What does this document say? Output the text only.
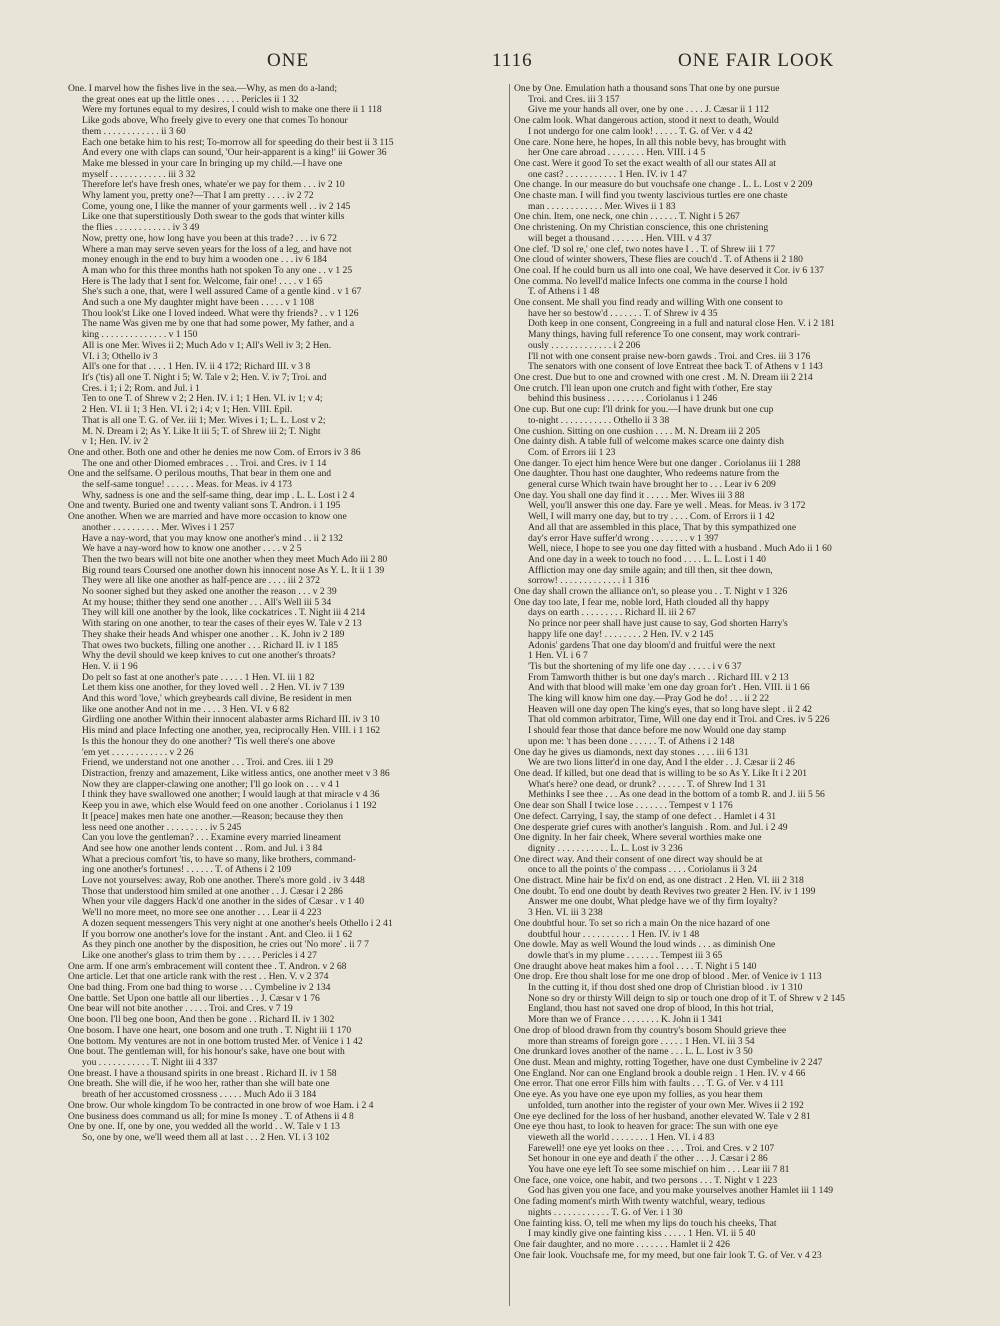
ONE	1116	ONE FAIR LOOK
One. I marvel how the fishes live in the sea.—Why, as men do a-land;
the great ones eat up the little ones . . . . . Pericles ii 1 32
Were my fortunes equal to my desires, I could wish to make one there ii 1 118
Like gods above, Who freely give to every one that comes To honour
them . . . . . . . . . . . . ii 3 60
Each one betake him to his rest; To-morrow all for speeding do their best ii 3 115
And every one with claps can sound, 'Our heir-apparent is a king!' iii Gower 36
Make me blessed in your care In bringing up my child.—I have one
myself . . . . . . . . . . . . iii 3 32
Therefore let's have fresh ones, whate'er we pay for them . . . iv 2 10
Why lament you, pretty one?—That I am pretty . . . . iv 2 72
Come, young one, I like the manner of your garments well . . iv 2 145
Like one that superstitiously Doth swear to the gods that winter kills
the flies . . . . . . . . . . . . iv 3 49
Now, pretty one, how long have you been at this trade? . . . iv 6 72
Where a man may serve seven years for the loss of a leg, and have not
money enough in the end to buy him a wooden one . . . iv 6 184
A man who for this three months hath not spoken To any one . . v 1 25
Here is The lady that I sent for. Welcome, fair one! . . . . v 1 65
She's such a one, that, were I well assured Came of a gentle kind . v 1 67
And such a one My daughter might have been . . . . . v 1 108
Thou look'st Like one I loved indeed. What were thy friends? . . v 1 126
The name Was given me by one that had some power, My father, and a
king . . . . . . . . . . . . . . v 1 150
All is one Mer. Wives ii 2; Much Ado v 1; All's Well iv 3; 2 Hen.
VI. i 3; Othello iv 3
All's one for that . . . . 1 Hen. IV. ii 4 172; Richard III. v 3 8
It's ('tis) all one T. Night i 5; W. Tale v 2; Hen. V. iv 7; Troi. and
Cres. i 1; i 2; Rom. and Jul. i 1
Ten to one T. of Shrew v 2; 2 Hen. IV. i 1; 1 Hen. VI. iv 1; v 4;
2 Hen. VI. ii 1; 3 Hen. VI. i 2; i 4; v 1; Hen. VIII. Epil.
That is all one T. G. of Ver. iii 1; Mer. Wives i 1; L. L. Lost v 2;
M. N. Dream i 2; As Y. Like It iii 5; T. of Shrew iii 2; T. Night
v 1; Hen. IV. iv 2
One and other. Both one and other he denies me now Com. of Errors iv 3 86
The one and other Diomed embraces . . . Troi. and Cres. iv 1 14
One and the selfsame. O perilous mouths, That bear in them one and
the self-same tongue! . . . . . . Meas. for Meas. iv 4 173
Why, sadness is one and the self-same thing, dear imp . L. L. Lost i 2 4
One and twenty. Buried one and twenty valiant sons T. Andron. i 1 195
One another. When we are married and have more occasion to know one
another . . . . . . . . . . Mer. Wives i 1 257
Have a nay-word, that you may know one another's mind . . ii 2 132
We have a nay-word how to know one another . . . . v 2 5
Then the two bears will not bite one another when they meet Much Ado iii 2 80
Big round tears Coursed one another down his innocent nose As Y. L. It ii 1 39
They were all like one another as half-pence are . . . . iii 2 372
No sooner sighed but they asked one another the reason . . . v 2 39
At my house; thither they send one another . . . All's Well iii 5 34
They will kill one another by the look, like cockatrices . T. Night iii 4 214
With staring on one another, to tear the cases of their eyes W. Tale v 2 13
They shake their heads And whisper one another . . K. John iv 2 189
That owes two buckets, filling one another . . . Richard II. iv 1 185
Why the devil should we keep knives to cut one another's throats?
Hen. V. ii 1 96
Do pelt so fast at one another's pate . . . . . 1 Hen. VI. iii 1 82
Let them kiss one another, for they loved well . . 2 Hen. VI. iv 7 139
And this word 'love,' which greybeards call divine, Be resident in men
like one another And not in me . . . . 3 Hen. VI. v 6 82
Girdling one another Within their innocent alabaster arms Richard III. iv 3 10
His mind and place Infecting one another, yea, reciprocally Hen. VIII. i 1 162
Is this the honour they do one another? 'Tis well there's one above
'em yet . . . . . . . . . . . . v 2 26
Friend, we understand not one another . . . Troi. and Cres. iii 1 29
Distraction, frenzy and amazement, Like witless antics, one another meet v 3 86
Now they are clapper-clawing one another; I'll go look on . . . v 4 1
I think they have swallowed one another; I would laugh at that miracle v 4 36
Keep you in awe, which else Would feed on one another . Coriolanus i 1 192
It [peace] makes men hate one another.—Reason; because they then
less need one another . . . . . . . . . iv 5 245
Can you love the gentleman? . . . Examine every married lineament
And see how one another lends content . . Rom. and Jul. i 3 84
What a precious comfort 'tis, to have so many, like brothers, command-
ing one another's fortunes! . . . . . . T. of Athens i 2 109
Love not yourselves: away, Rob one another. There's more gold . iv 3 448
Those that understood him smiled at one another . . J. Cæsar i 2 286
When your vile daggers Hack'd one another in the sides of Cæsar . v 1 40
We'll no more meet, no more see one another . . . Lear ii 4 223
A dozen sequent messengers This very night at one another's heels Othello i 2 41
If you borrow one another's love for the instant . Ant. and Cleo. ii 1 62
As they pinch one another by the disposition, he cries out 'No more' . ii 7 7
Like one another's glass to trim them by . . . . . Pericles i 4 27
One arm. If one arm's embracement will content thee . T. Andron. v 2 68
One article. Let that one article rank with the rest . . Hen. V. v 2 374
One bad thing. From one bad thing to worse . . . Cymbeline iv 2 134
One battle. Set Upon one battle all our liberties . . J. Cæsar v 1 76
One bear will not bite another . . . . . Troi. and Cres. v 7 19
One boon. I'll beg one boon, And then be gone . . Richard II. iv 1 302
One bosom. I have one heart, one bosom and one truth . T. Night iii 1 170
One bottom. My ventures are not in one bottom trusted Mer. of Venice i 1 42
One bout. The gentleman will, for his honour's sake, have one bout with
you . . . . . . . . . . . T. Night iii 4 337
One breast. I have a thousand spirits in one breast . Richard II. iv 1 58
One breath. She will die, if he woo her, rather than she will bate one
breath of her accustomed crossness . . . . . Much Ado ii 3 184
One brow. Our whole kingdom To be contracted in one brow of woe Ham. i 2 4
One business does command us all; for mine Is money . T. of Athens ii 4 8
One by one. If, one by one, you wedded all the world . . W. Tale v 1 13
So, one by one, we'll weed them all at last . . . 2 Hen. VI. i 3 102
One by One. Emulation hath a thousand sons That one by one pursue
Troi. and Cres. iii 3 157
Give me your hands all over, one by one . . . . J. Cæsar ii 1 112
One calm look. What dangerous action, stood it next to death, Would
I not undergo for one calm look! . . . . . T. G. of Ver. v 4 42
One care. None here, he hopes, In all this noble bevy, has brought with
her One care abroad . . . . . . . . Hen. VIII. i 4 5
One cast. Were it good To set the exact wealth of all our states All at
one cast? . . . . . . . . . . . 1 Hen. IV. iv 1 47
One change. In our measure do but vouchsafe one change . L. L. Lost v 2 209
One chaste man. I will find you twenty lascivious turtles ere one chaste
man . . . . . . . . . . . . Mer. Wives ii 1 83
One chin. Item, one neck, one chin . . . . . . T. Night i 5 267
One christening. On my Christian conscience, this one christening
will beget a thousand . . . . . . . Hen. VIII. v 4 37
One clef. 'D sol re,' one clef, two notes have I . . T. of Shrew iii 1 77
One cloud of winter showers, These flies are couch'd . T. of Athens ii 2 180
One coal. If he could burn us all into one coal, We have deserved it Cor. iv 6 137
One comma. No levell'd malice Infects one comma in the course I hold
T. of Athens i 1 48
One consent. Me shall you find ready and willing With one consent to
have her so bestow'd . . . . . . . T. of Shrew iv 4 35
Doth keep in one consent, Congreeing in a full and natural close Hen. V. i 2 181
Many things, having full reference To one consent, may work contrari-
ously . . . . . . . . . . . . . i 2 206
I'll not with one consent praise new-born gawds . Troi. and Cres. iii 3 176
The senators with one consent of love Entreat thee back T. of Athens v 1 143
One crest. Due but to one and crowned with one crest . M. N. Dream iii 2 214
One crutch. I'll lean upon one crutch and fight with t'other, Ere stay
behind this business . . . . . . . . Coriolanus i 1 246
One cup. But one cup: I'll drink for you.—I have drunk but one cup
to-night . . . . . . . . . . . Othello ii 3 38
One cushion. Sitting on one cushion . . . . M. N. Dream iii 2 205
One dainty dish. A table full of welcome makes scarce one dainty dish
Com. of Errors iii 1 23
One danger. To eject him hence Were but one danger . Coriolanus iii 1 288
One daughter. Thou hast one daughter, Who redeems nature from the
general curse Which twain have brought her to . . . Lear iv 6 209
One day. You shall one day find it . . . . . Mer. Wives iii 3 88
Well, you'll answer this one day. Fare ye well . Meas. for Meas. iv 3 172
Well, I will marry one day, but to try . . . . Com. of Errors ii 1 42
And all that are assembled in this place, That by this sympathized one
day's error Have suffer'd wrong . . . . . . . . v 1 397
Well, niece, I hope to see you one day fitted with a husband . Much Ado ii 1 60
And one day in a week to touch no food . . . . L. L. Lost i 1 40
Affliction may one day smile again; and till then, sit thee down,
sorrow! . . . . . . . . . . . . . i 1 316
One day shall crown the alliance on't, so please you . . T. Night v 1 326
One day too late, I fear me, noble lord, Hath clouded all thy happy
days on earth . . . . . . . . . Richard II. iii 2 67
No prince nor peer shall have just cause to say, God shorten Harry's
happy life one day! . . . . . . . . 2 Hen. IV. v 2 145
Adonis' gardens That one day bloom'd and fruitful were the next
1 Hen. VI. i 6 7
'Tis but the shortening of my life one day . . . . . i v 6 37
From Tamworth thither is but one day's march . . Richard III. v 2 13
And with that blood will make 'em one day groan for't . Hen. VIII. ii 1 66
The king will know him one day.—Pray God he do! . . . ii 2 22
Heaven will one day open The king's eyes, that so long have slept . ii 2 42
That old common arbitrator, Time, Will one day end it Troi. and Cres. iv 5 226
I should fear those that dance before me now Would one day stamp
upon me: 't has been done . . . . . . T. of Athens i 2 148
One day he gives us diamonds, next day stones . . . . iii 6 131
We are two lions litter'd in one day, And I the elder . . J. Cæsar ii 2 46
One dead. If killed, but one dead that is willing to be so As Y. Like It i 2 201
What's here? one dead, or drunk? . . . . . . T. of Shrew Ind 1 31
Methinks I see thee . . . As one dead in the bottom of a tomb R. and J. iii 5 56
One dear son Shall I twice lose . . . . . . . Tempest v 1 176
One defect. Carrying, I say, the stamp of one defect . . Hamlet i 4 31
One desperate grief cures with another's languish . Rom. and Jul. i 2 49
One dignity. In her fair cheek, Where several worthies make one
dignity . . . . . . . . . . . L. L. Lost iv 3 236
One direct way. And their consent of one direct way should be at
once to all the points o' the compass . . . . Coriolanus ii 3 24
One distract. Mine hair be fix'd on end, as one distract . 2 Hen. VI. iii 2 318
One doubt. To end one doubt by death Revives two greater 2 Hen. IV. iv 1 199
Answer me one doubt, What pledge have we of thy firm loyalty?
3 Hen. VI. iii 3 238
One doubtful hour. To set so rich a main On the nice hazard of one
doubtful hour . . . . . . . . . . 1 Hen. IV. iv 1 48
One dowle. May as well Wound the loud winds . . . as diminish One
dowle that's in my plume . . . . . . . Tempest iii 3 65
One draught above heat makes him a fool . . . . T. Night i 5 140
One drop. Ere thou shalt lose for me one drop of blood . Mer. of Venice iv 1 113
In the cutting it, if thou dost shed one drop of Christian blood . iv 1 310
None so dry or thirsty Will deign to sip or touch one drop of it T. of Shrew v 2 145
England, thou hast not saved one drop of blood, In this hot trial,
More than we of France . . . . . . . . K. John ii 1 341
One drop of blood drawn from thy country's bosom Should grieve thee
more than streams of foreign gore . . . . . 1 Hen. VI. iii 3 54
One drunkard loves another of the name . . . L. L. Lost iv 3 50
One dust. Mean and mighty, rotting Together, have one dust Cymbeline iv 2 247
One England. Nor can one England brook a double reign . 1 Hen. IV. v 4 66
One error. That one error Fills him with faults . . . T. G. of Ver. v 4 111
One eye. As you have one eye upon my follies, as you hear them
unfolded, turn another into the register of your own Mer. Wives ii 2 192
One eye declined for the loss of her husband, another elevated W. Tale v 2 81
One eye thou hast, to look to heaven for grace: The sun with one eye
vieweth all the world . . . . . . . . 1 Hen. VI. i 4 83
Farewell! one eye yet looks on thee . . . . Troi. and Cres. v 2 107
Set honour in one eye and death i' the other . . . J. Cæsar i 2 86
You have one eye left To see some mischief on him . . . Lear iii 7 81
One face, one voice, one habit, and two persons . . . T. Night v 1 223
God has given you one face, and you make yourselves another Hamlet iii 1 149
One fading moment's mirth With twenty watchful, weary, tedious
nights . . . . . . . . . . . . T. G. of Ver. i 1 30
One fainting kiss. O, tell me when my lips do touch his cheeks, That
I may kindly give one fainting kiss . . . . . 1 Hen. VI. ii 5 40
One fair daughter, and no more . . . . . . . Hamlet ii 2 426
One fair look. Vouchsafe me, for my meed, but one fair look T. G. of Ver. v 4 23
